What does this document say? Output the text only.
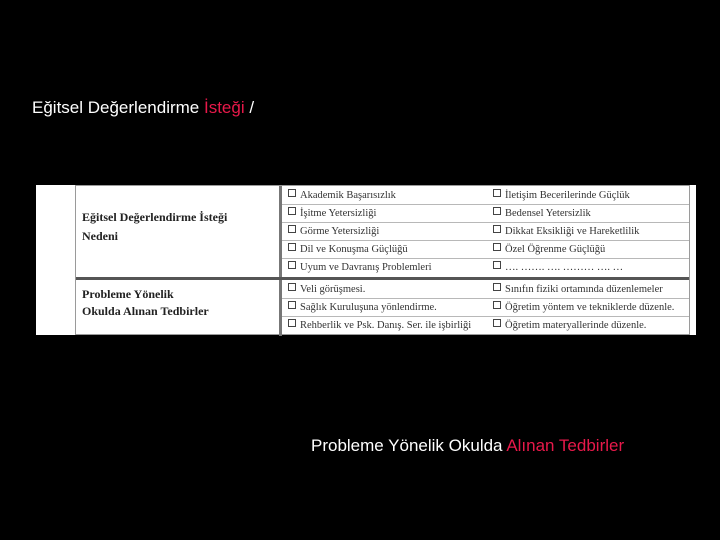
Eğitsel Değerlendirme İsteği /
Eğitsel Değerlendirme İsteği
Nedeni
Akademik Başarısızlık	İletişim Becerilerinde Güçlük
İşitme Yetersizliği	Bedensel Yetersizlik
Görme Yetersizliği	Dikkat Eksikliği ve Hareketlilik
Dil ve Konuşma Güçlüğü	Özel Öğrenme Güçlüğü
Uyum ve Davranış Problemleri	…. ……. …. ……… …. …
Probleme Yönelik
Okulda Alınan Tedbirler
Veli görüşmesi.	Sınıfın fiziki ortamında düzenlemeler
Sağlık Kuruluşuna yönlendirme.	Öğretim yöntem ve tekniklerde düzenle.
Rehberlik ve Psk. Danış. Ser. ile işbirliği	Öğretim materyallerinde düzenle.
Probleme Yönelik Okulda Alınan Tedbirler
